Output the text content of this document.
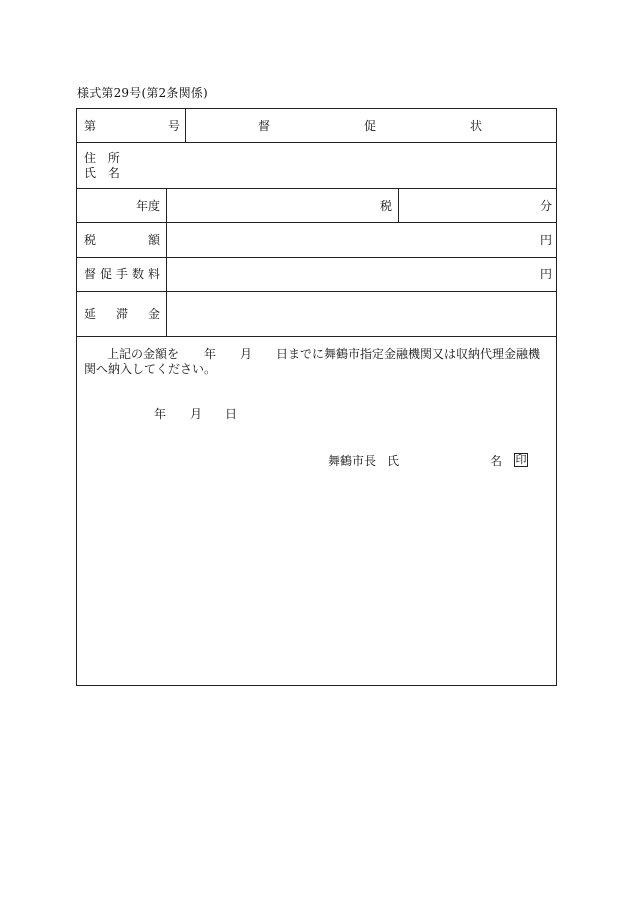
様式第29号(第2条関係)
第	号	督	促	状
住 所
氏 名
年度	税	分
税 額	円
督 促 手 数 料	円
延 滞 金
上記の金額を 年 月 日までに舞鶴市指定金融機関又は収納代理金融機
関へ納入してください。
年 月 日
舞鶴市長 氏	名 印
